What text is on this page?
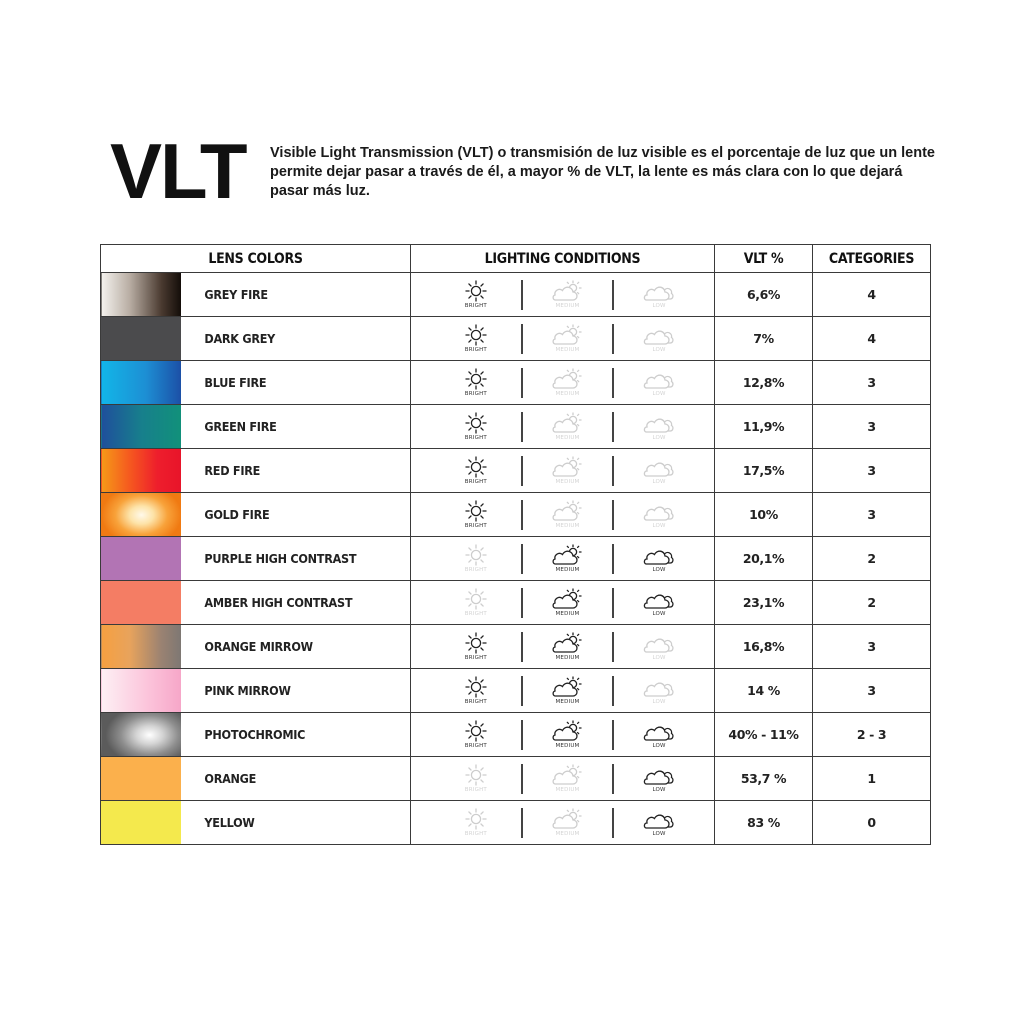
VLT Visible Light Transmission (VLT) o transmisión de luz visible es el porcentaje de luz que un lente permite dejar pasar a través de él, a mayor % de VLT, la lente es más clara con lo que dejará pasar más luz.
LENS COLORS		LIGHTING CONDITIONS	VLT %	CATEGORIES
	GREY FIRE	BRIGHT MEDIUM LOW	6,6%	4
	DARK GREY	BRIGHT MEDIUM LOW	7%	4
	BLUE FIRE	BRIGHT MEDIUM LOW	12,8%	3
	GREEN FIRE	BRIGHT MEDIUM LOW	11,9%	3
	RED FIRE	BRIGHT MEDIUM LOW	17,5%	3
	GOLD FIRE	BRIGHT MEDIUM LOW	10%	3
	PURPLE HIGH CONTRAST	BRIGHT MEDIUM LOW	20,1%	2
	AMBER HIGH CONTRAST	BRIGHT MEDIUM LOW	23,1%	2
	ORANGE MIRROW	BRIGHT MEDIUM LOW	16,8%	3
	PINK MIRROW	BRIGHT MEDIUM LOW	14 %	3
	PHOTOCHROMIC	BRIGHT MEDIUM LOW	40% - 11%	2 - 3
	ORANGE	BRIGHT MEDIUM LOW	53,7 %	1
	YELLOW	BRIGHT MEDIUM LOW	83 %	0
